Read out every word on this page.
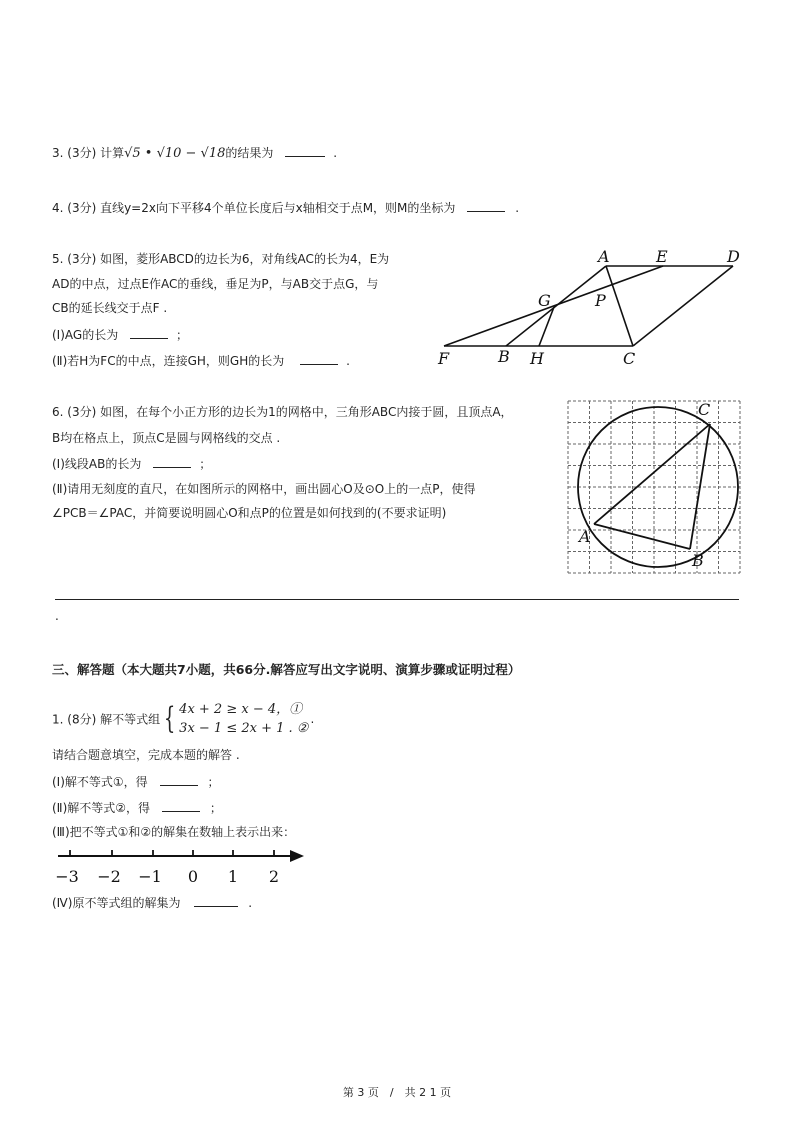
3. (3分) 计算√5 • √10 − √18的结果为	.
4. (3分) 直线y=2x向下平移4个单位长度后与x轴相交于点M，则M的坐标为	.
5. (3分) 如图，菱形ABCD的边长为6，对角线AC的长为4，E为
AD的中点，过点E作AC的垂线，垂足为P，与AB交于点G，与
CB的延长线交于点F .
(Ⅰ)AG的长为	；
(Ⅱ)若H为FC的中点，连接GH，则GH的长为	.
A	E	D
G	P
F	B H	C
6. (3分) 如图，在每个小正方形的边长为1的网格中，三角形ABC内接于圆，且顶点A，
B均在格点上，顶点C是圆与网格线的交点 .
(Ⅰ)线段AB的长为	；
(Ⅱ)请用无刻度的直尺，在如图所示的网格中，画出圆心O及⊙O上的一点P，使得
∠PCB＝∠PAC，并简要说明圆心O和点P的位置是如何找到的(不要求证明)
C
A
B
.
三、解答题（本大题共7小题，共66分.解答应写出文字说明、演算步骤或证明过程）
1. (8分) 解不等式组 { 4x + 2 ≥ x − 4，①
3x − 1 ≤ 2x + 1 . ②
.
请结合题意填空，完成本题的解答 .
(Ⅰ)解不等式①，得	；
(Ⅱ)解不等式②，得	；
(Ⅲ)把不等式①和②的解集在数轴上表示出来：
−3 −2 −1 0 1 2
(Ⅳ)原不等式组的解集为	.
第 3 页　/　共 2 1 页
